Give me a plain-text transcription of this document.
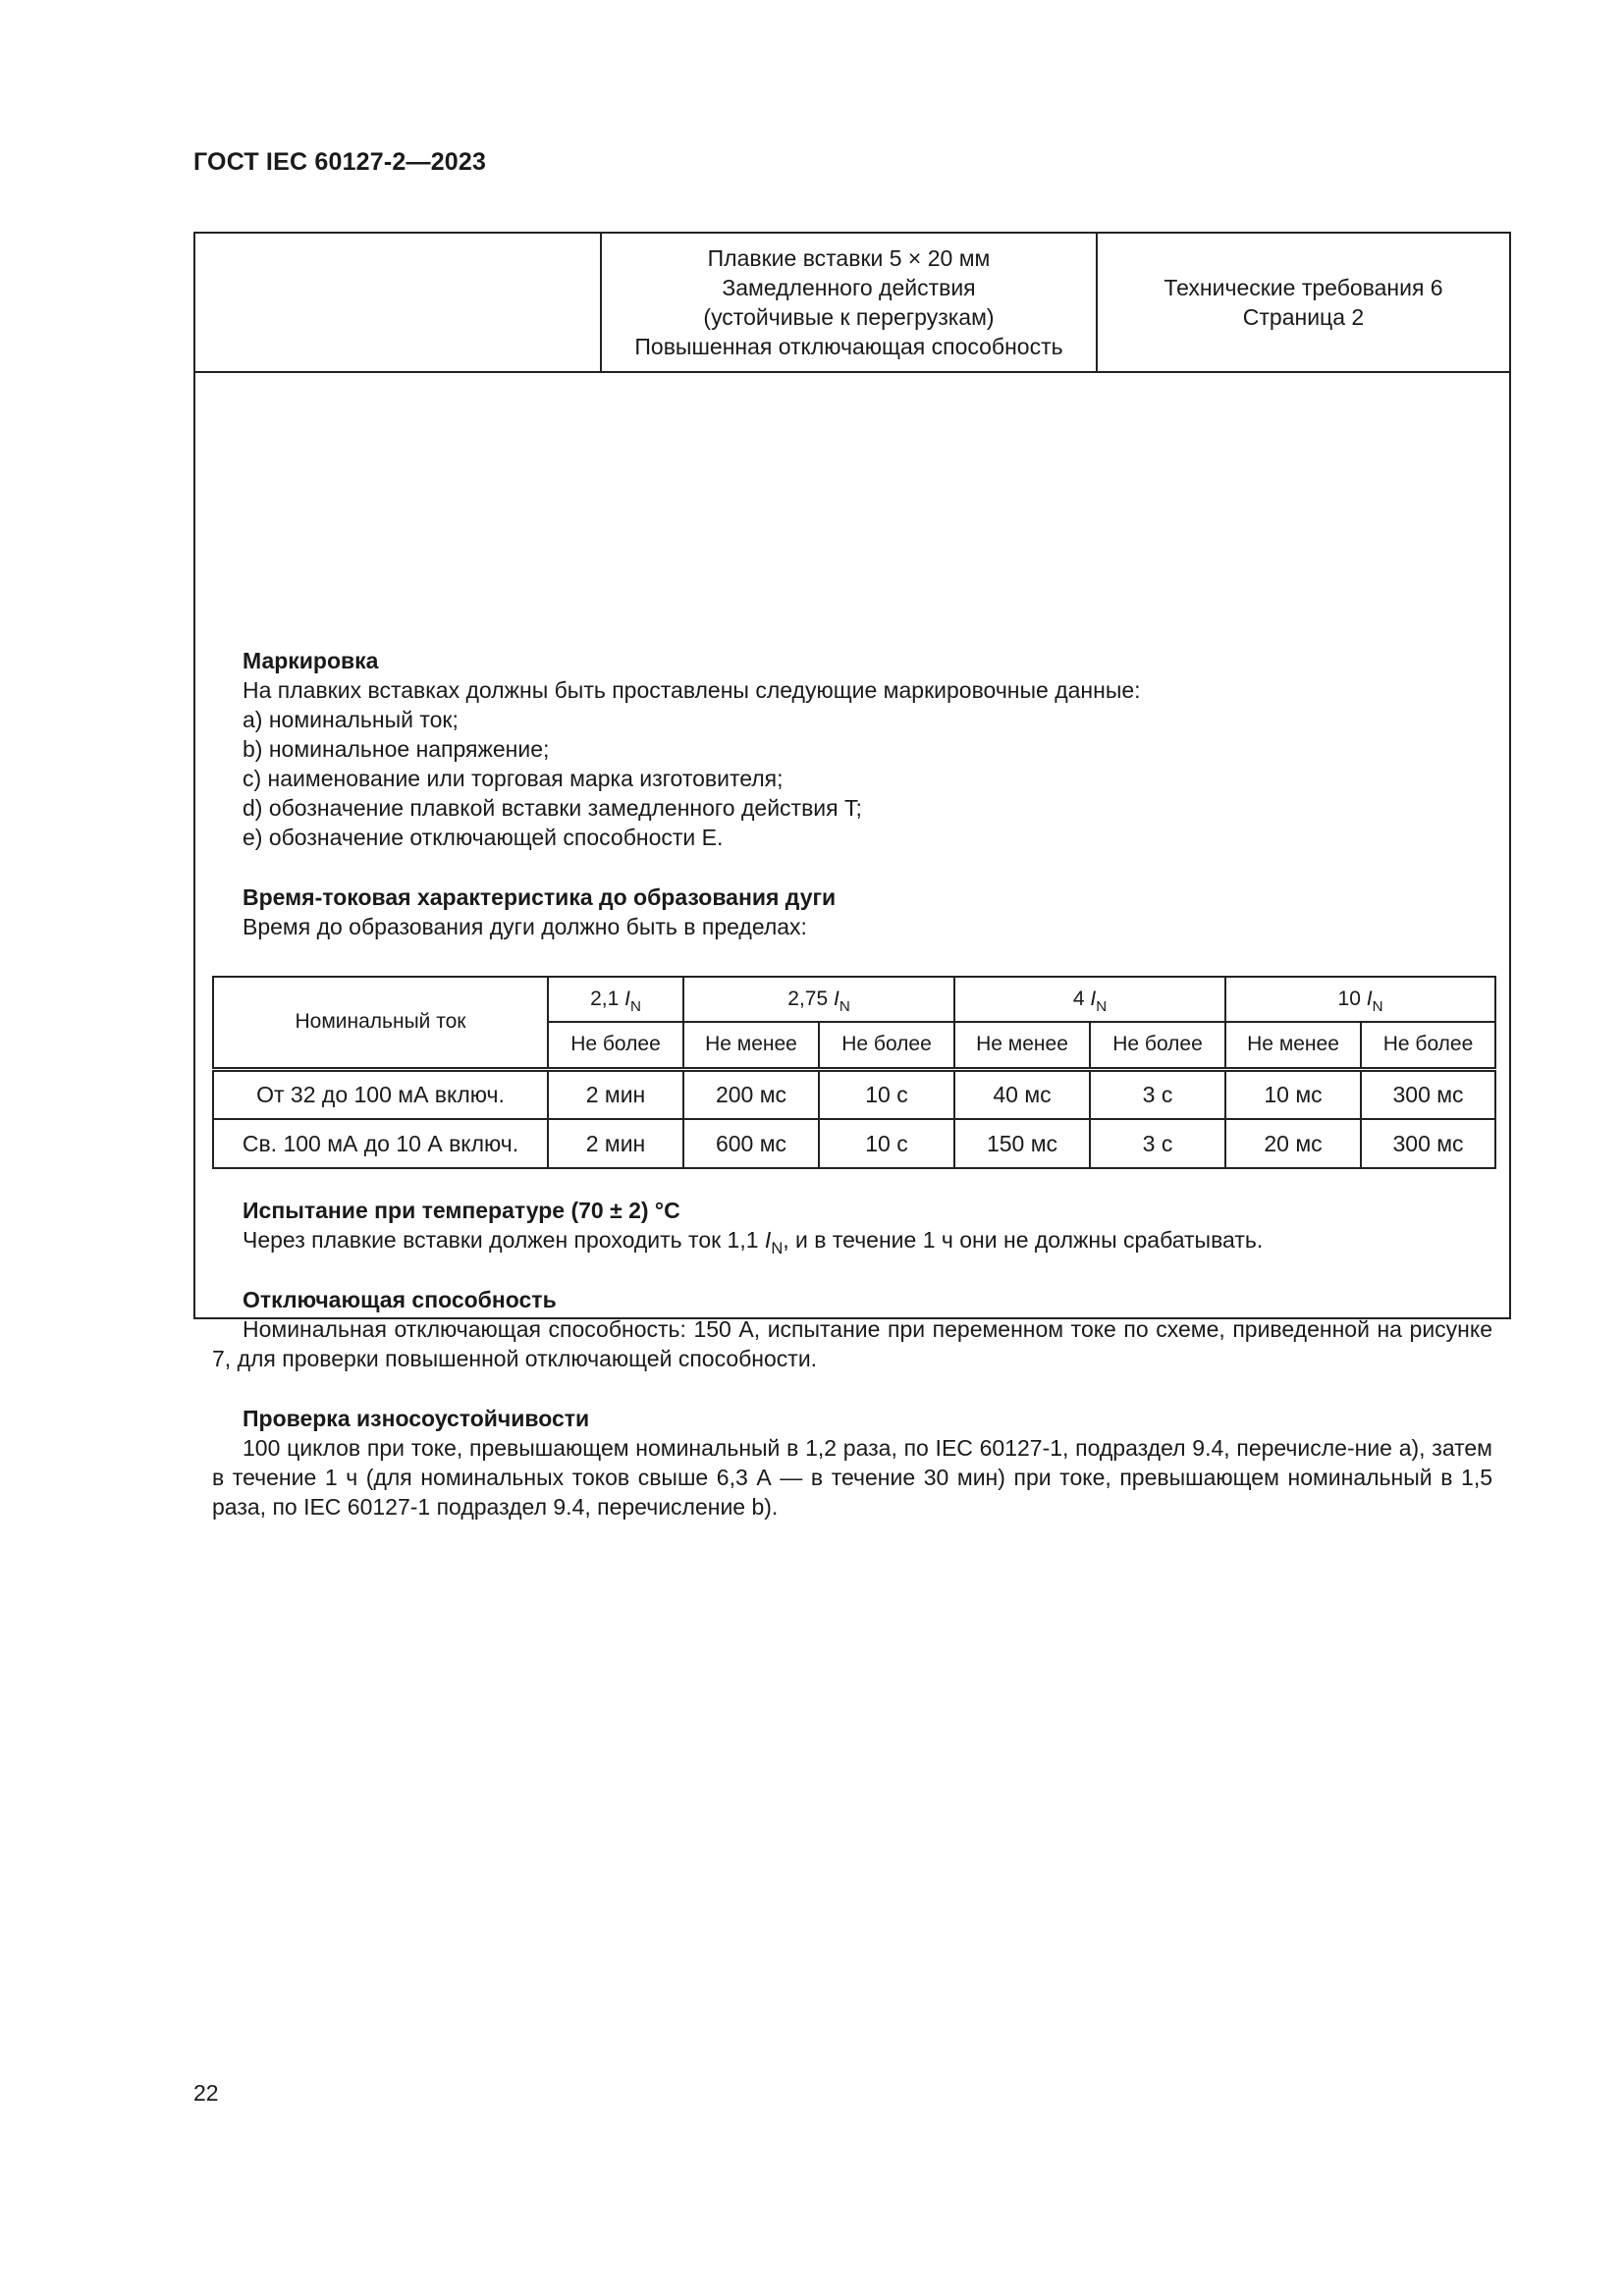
ГОСТ IEC 60127-2—2023
Плавкие вставки 5 × 20 мм
Замедленного действия
(устойчивые к перегрузкам)
Повышенная отключающая способность
Технические требования 6
Страница 2
Маркировка
На плавких вставках должны быть проставлены следующие маркировочные данные:
a) номинальный ток;
b) номинальное напряжение;
c) наименование или торговая марка изготовителя;
d) обозначение плавкой вставки замедленного действия T;
e) обозначение отключающей способности E.
Время-токовая характеристика до образования дуги
Время до образования дуги должно быть в пределах:
Номинальный ток	2,1 $I_N$	2,75 $I_N$		4 $I_N$		10 $I_N$
	Не более	Не менее	Не более	Не менее	Не более	Не менее	Не более
От 32 до 100 мА включ.	2 мин	200 мс	10 с	40 мс	3 с	10 мс	300 мс
Св. 100 мА до 10 А включ.	2 мин	600 мс	10 с	150 мс	3 с	20 мс	300 мс
Испытание при температуре (70 ± 2) °С
Через плавкие вставки должен проходить ток 1,1 $I_N$, и в течение 1 ч они не должны срабатывать.
Отключающая способность
Номинальная отключающая способность: 150 А, испытание при переменном токе по схеме, приведенной на рисунке 7, для проверки повышенной отключающей способности.
Проверка износоустойчивости
100 циклов при токе, превышающем номинальный в 1,2 раза, по IEC 60127-1, подраздел 9.4, перечисле-ние а), затем в течение 1 ч (для номинальных токов свыше 6,3 А — в течение 30 мин) при токе, превышающем номинальный в 1,5 раза, по IEC 60127-1 подраздел 9.4, перечисление b).
22
